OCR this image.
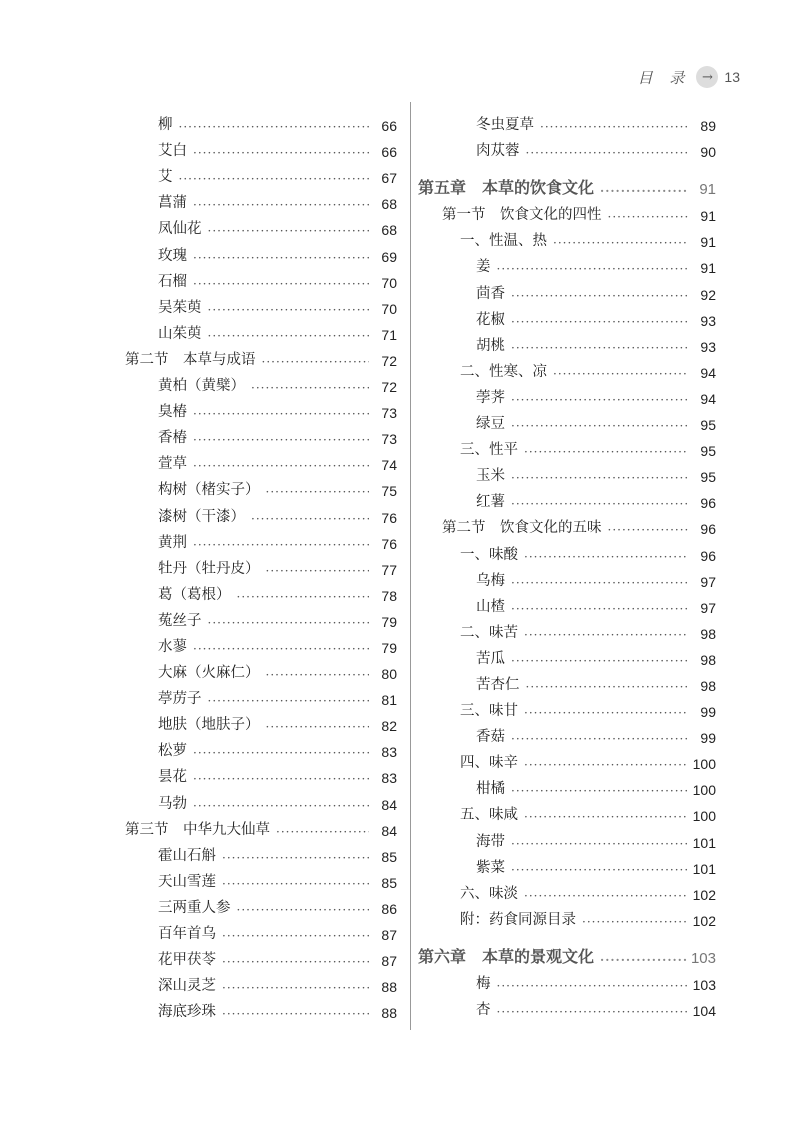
目 录 → 13
柳 ·····	66
艾白 ·····	66
艾 ·····	67
菖蒲 ·····	68
凤仙花 ·····	68
玫瑰 ·····	69
石榴 ·····	70
吴茱萸 ·····	70
山茱萸 ·····	71
第二节　本草与成语 ·····	72
黄柏（黄檗） ·····	72
臭椿 ·····	73
香椿 ·····	73
萱草 ·····	74
构树（楮实子） ·····	75
漆树（干漆） ·····	76
黄荆 ·····	76
牡丹（牡丹皮） ·····	77
葛（葛根） ·····	78
菟丝子 ·····	79
水蓼 ·····	79
大麻（火麻仁） ·····	80
葶苈子 ·····	81
地肤（地肤子） ·····	82
松萝 ·····	83
昙花 ·····	83
马勃 ·····	84
第三节　中华九大仙草 ·····	84
霍山石斛 ·····	85
天山雪莲 ·····	85
三两重人参 ·····	86
百年首乌 ·····	87
花甲茯苓 ·····	87
深山灵芝 ·····	88
海底珍珠 ·····	88
冬虫夏草 ·····	89
肉苁蓉 ·····	90
第五章　本草的饮食文化 ·····	91
第一节　饮食文化的四性 ·····	91
一、性温、热 ·····	91
姜 ·····	91
茴香 ·····	92
花椒 ·····	93
胡桃 ·····	93
二、性寒、凉 ·····	94
荸荠 ·····	94
绿豆 ·····	95
三、性平 ·····	95
玉米 ·····	95
红薯 ·····	96
第二节　饮食文化的五味 ·····	96
一、味酸 ·····	96
乌梅 ·····	97
山楂 ·····	97
二、味苦 ·····	98
苦瓜 ·····	98
苦杏仁 ·····	98
三、味甘 ·····	99
香菇 ·····	99
四、味辛 ·····	100
柑橘 ·····	100
五、味咸 ·····	100
海带 ·····	101
紫菜 ·····	101
六、味淡 ·····	102
附：药食同源目录 ·····	102
第六章　本草的景观文化 ·····	103
梅 ·····	103
杏 ·····	104
